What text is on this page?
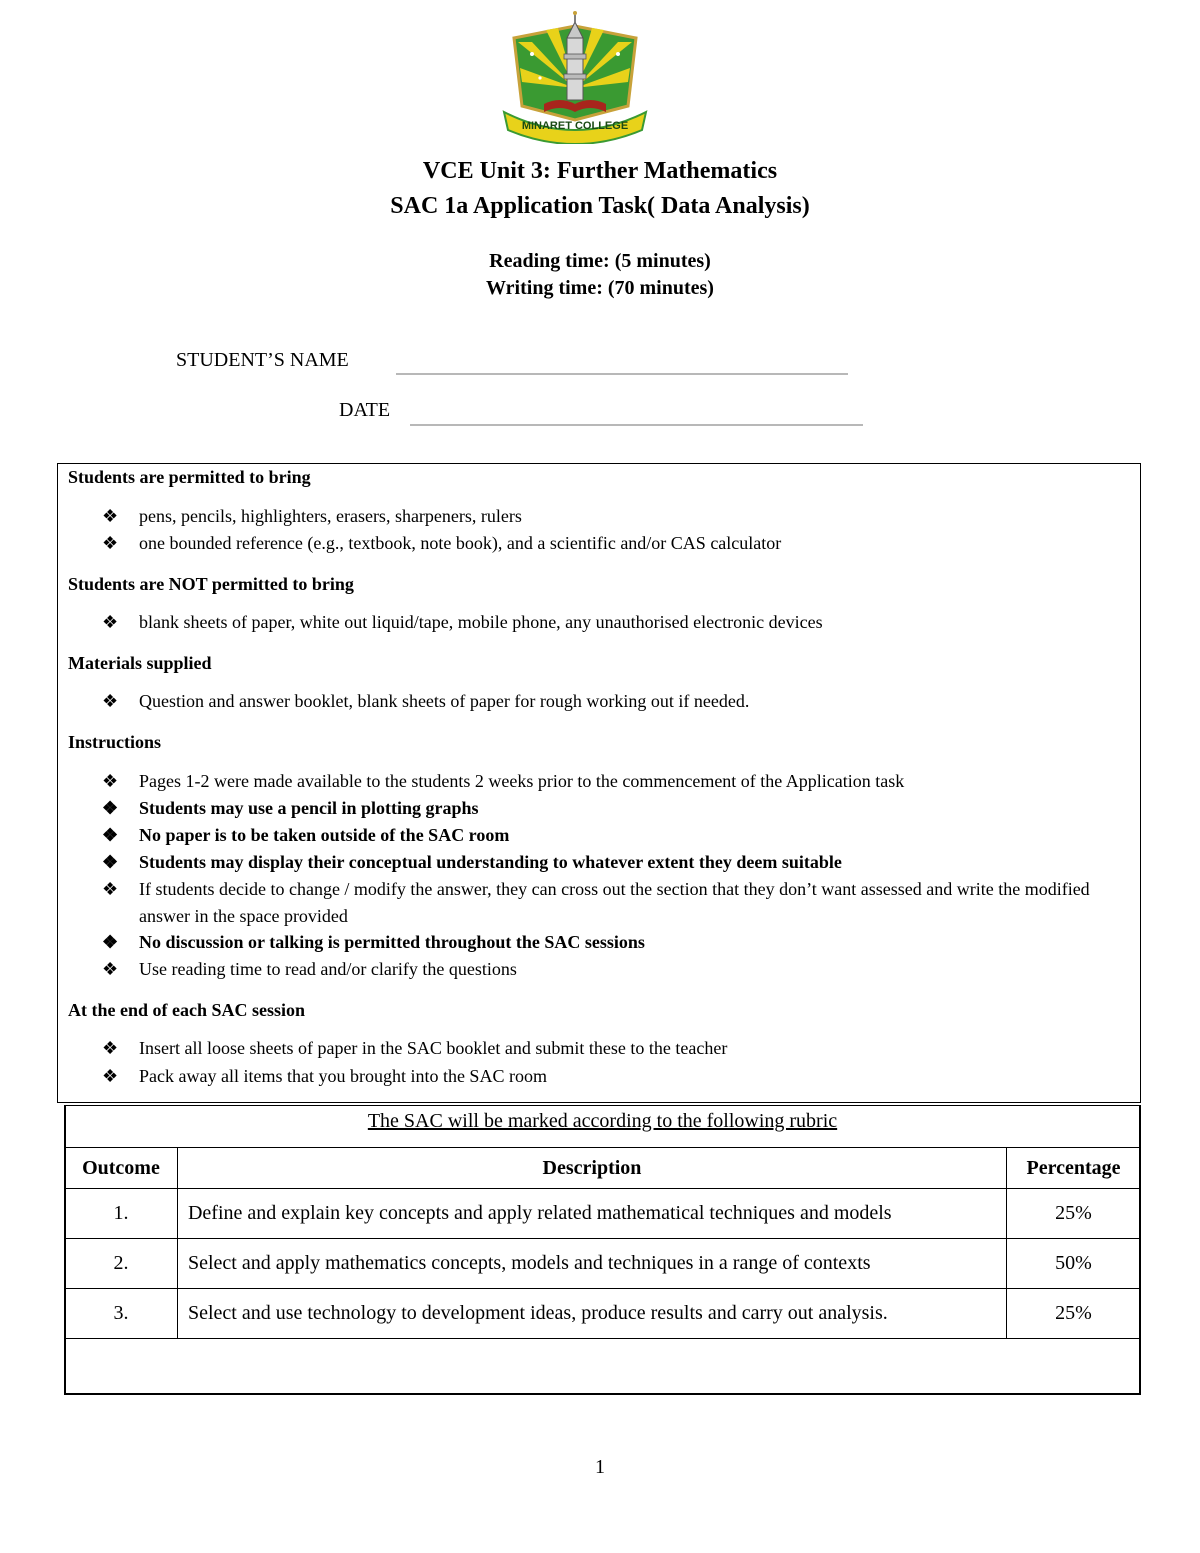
MINARET COLLEGE
VCE Unit 3: Further Mathematics
SAC 1a Application Task( Data Analysis)
Reading time: (5 minutes)
Writing time: (70 minutes)
STUDENT’S NAME
DATE
Students are permitted to bring
❖ pens, pencils, highlighters, erasers, sharpeners, rulers
❖ one bounded reference (e.g., textbook, note book), and a scientific and/or CAS calculator
Students are NOT permitted to bring
❖ blank sheets of paper, white out liquid/tape, mobile phone, any unauthorised electronic devices
Materials supplied
❖ Question and answer booklet, blank sheets of paper for rough working out if needed.
Instructions
❖ Pages 1-2 were made available to the students 2 weeks prior to the commencement of the Application task
❖ Students may use a pencil in plotting graphs
❖ No paper is to be taken outside of the SAC room
❖ Students may display their conceptual understanding to whatever extent they deem suitable
❖ If students decide to change / modify the answer, they can cross out the section that they don’t want assessed and write the modified answer in the space provided
❖ No discussion or talking is permitted throughout the SAC sessions
❖ Use reading time to read and/or clarify the questions
At the end of each SAC session
❖ Insert all loose sheets of paper in the SAC booklet and submit these to the teacher
❖ Pack away all items that you brought into the SAC room
The SAC will be marked according to the following rubric
Outcome	Description	Percentage
1.	Define and explain key concepts and apply related mathematical techniques and models	25%
2.	Select and apply mathematics concepts, models and techniques in a range of contexts	50%
3.	Select and use technology to development ideas, produce results and carry out analysis.	25%
1
